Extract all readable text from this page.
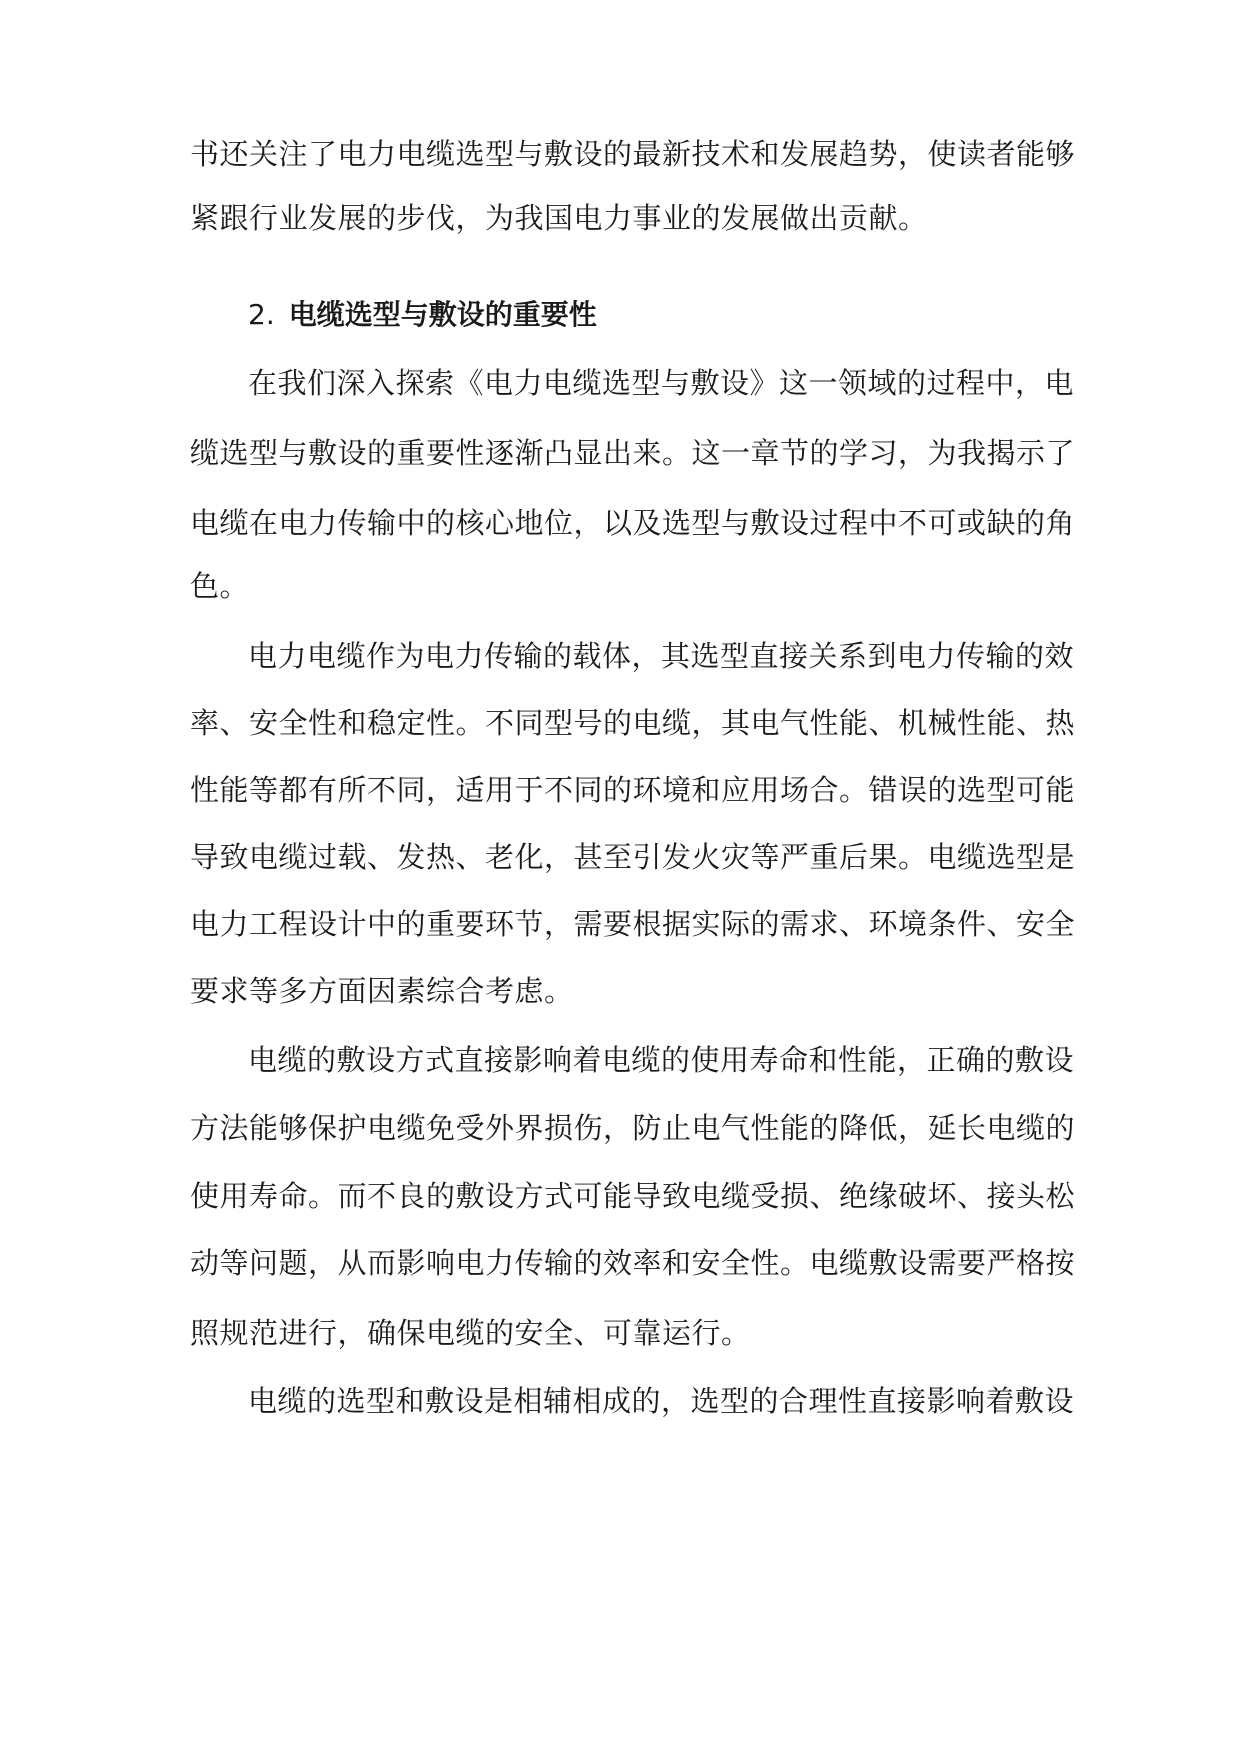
书还关注了电力电缆选型与敷设的最新技术和发展趋势，使读者能够
紧跟行业发展的步伐，为我国电力事业的发展做出贡献。
2. 电缆选型与敷设的重要性
在我们深入探索《电力电缆选型与敷设》这一领域的过程中，电
缆选型与敷设的重要性逐渐凸显出来。这一章节的学习，为我揭示了
电缆在电力传输中的核心地位，以及选型与敷设过程中不可或缺的角
色。
电力电缆作为电力传输的载体，其选型直接关系到电力传输的效
率、安全性和稳定性。不同型号的电缆，其电气性能、机械性能、热
性能等都有所不同，适用于不同的环境和应用场合。错误的选型可能
导致电缆过载、发热、老化，甚至引发火灾等严重后果。电缆选型是
电力工程设计中的重要环节，需要根据实际的需求、环境条件、安全
要求等多方面因素综合考虑。
电缆的敷设方式直接影响着电缆的使用寿命和性能，正确的敷设
方法能够保护电缆免受外界损伤，防止电气性能的降低，延长电缆的
使用寿命。而不良的敷设方式可能导致电缆受损、绝缘破坏、接头松
动等问题，从而影响电力传输的效率和安全性。电缆敷设需要严格按
照规范进行，确保电缆的安全、可靠运行。
电缆的选型和敷设是相辅相成的，选型的合理性直接影响着敷设
